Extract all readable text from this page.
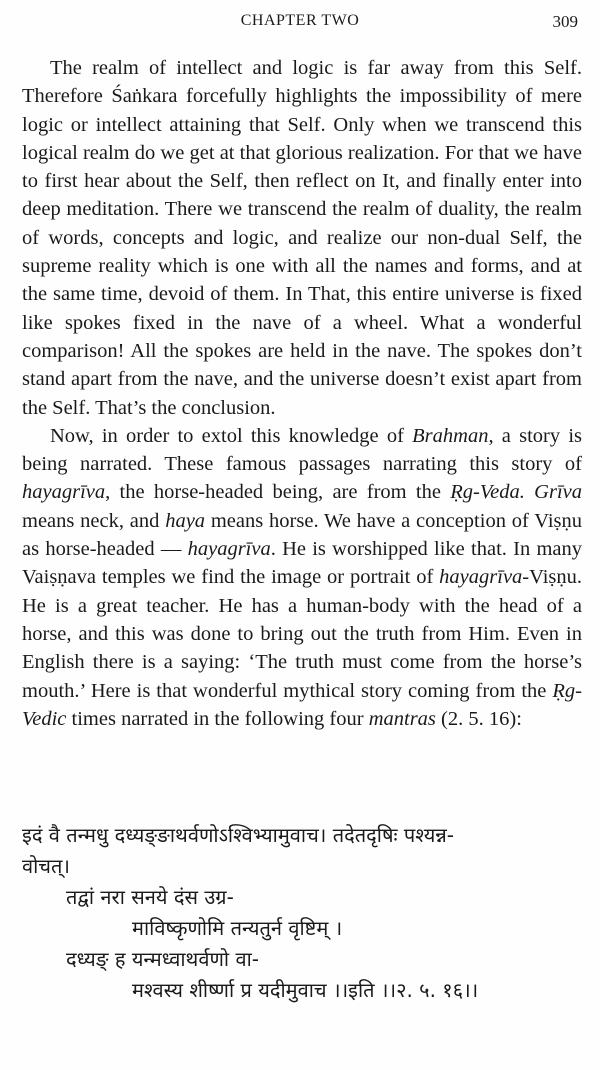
CHAPTER TWO	309

The realm of intellect and logic is far away from this Self. Therefore Śaṅkara forcefully highlights the impossibility of mere logic or intellect attaining that Self. Only when we transcend this logical realm do we get at that glorious realization. For that we have to first hear about the Self, then reflect on It, and finally enter into deep meditation. There we transcend the realm of duality, the realm of words, concepts and logic, and realize our non-dual Self, the supreme reality which is one with all the names and forms, and at the same time, devoid of them. In That, this entire universe is fixed like spokes fixed in the nave of a wheel. What a wonderful comparison! All the spokes are held in the nave. The spokes don’t stand apart from the nave, and the universe doesn’t exist apart from the Self. That’s the conclusion.

Now, in order to extol this knowledge of Brahman, a story is being narrated. These famous passages narrating this story of hayagrīva, the horse-headed being, are from the Ṛg-Veda. Grīva means neck, and haya means horse. We have a conception of Viṣṇu as horse-headed — hayagrīva. He is worshipped like that. In many Vaiṣṇava temples we find the image or portrait of hayagrīva-Viṣṇu. He is a great teacher. He has a human-body with the head of a horse, and this was done to bring out the truth from Him. Even in English there is a saying: ‘The truth must come from the horse’s mouth.’ Here is that wonderful mythical story coming from the Ṛg-Vedic times narrated in the following four mantras (2. 5. 16):

इदं वै तन्मधु दध्यङ्ङाथर्वणोऽश्विभ्यामुवाच। तदेतदृषिः पश्यन्न-

वोचत्।

तद्वां नरा सनये दंस उग्र-

माविष्कृणोमि तन्यतुर्न वृष्टिम् ।

दध्यङ् ह यन्मध्वाथर्वणो वा-

मश्वस्य शीर्ष्णा प्र यदीमुवाच ।।इति ।।२. ५. १६।।
